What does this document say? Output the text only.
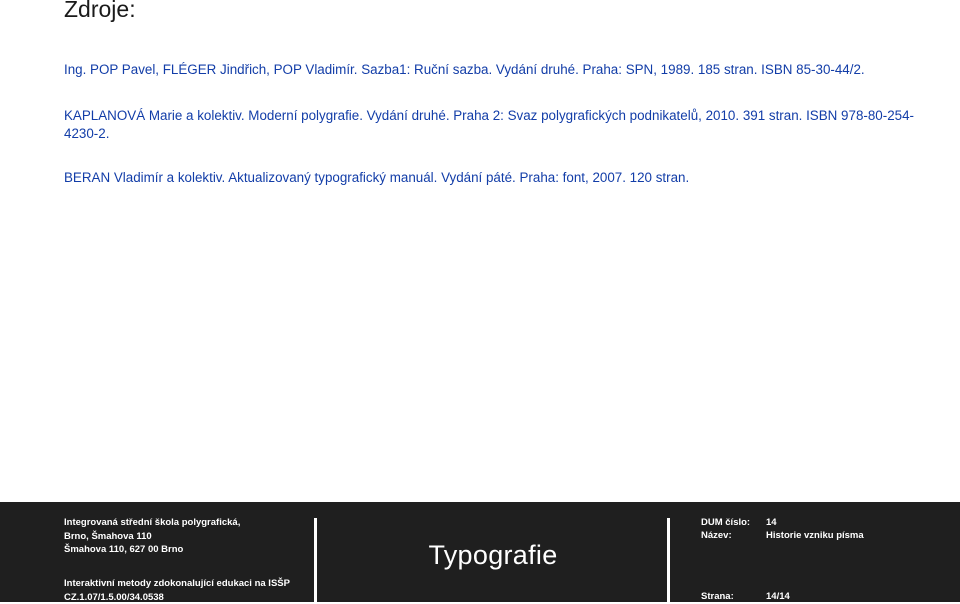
Zdroje:

Ing. POP Pavel, FLÉGER Jindřich, POP Vladimír. Sazba1: Ruční sazba. Vydání druhé. Praha: SPN, 1989. 185 stran. ISBN 85-30-44/2.

KAPLANOVÁ Marie a kolektiv. Moderní polygrafie. Vydání druhé. Praha 2: Svaz polygrafických podnikatelů, 2010. 391 stran. ISBN 978-80-254-4230-2.

BERAN Vladimír a kolektiv. Aktualizovaný typografický manuál. Vydání páté. Praha: font, 2007. 120 stran.

Integrovaná střední škola polygrafická,
Brno, Šmahova 110
Šmahova 110, 627 00 Brno
Interaktivní metody zdokonalující edukaci na ISŠP
CZ.1.07/1.5.00/34.0538
Typografie
DUM číslo: 14
Název:	Historie vzniku písma
Strana:	14/14
